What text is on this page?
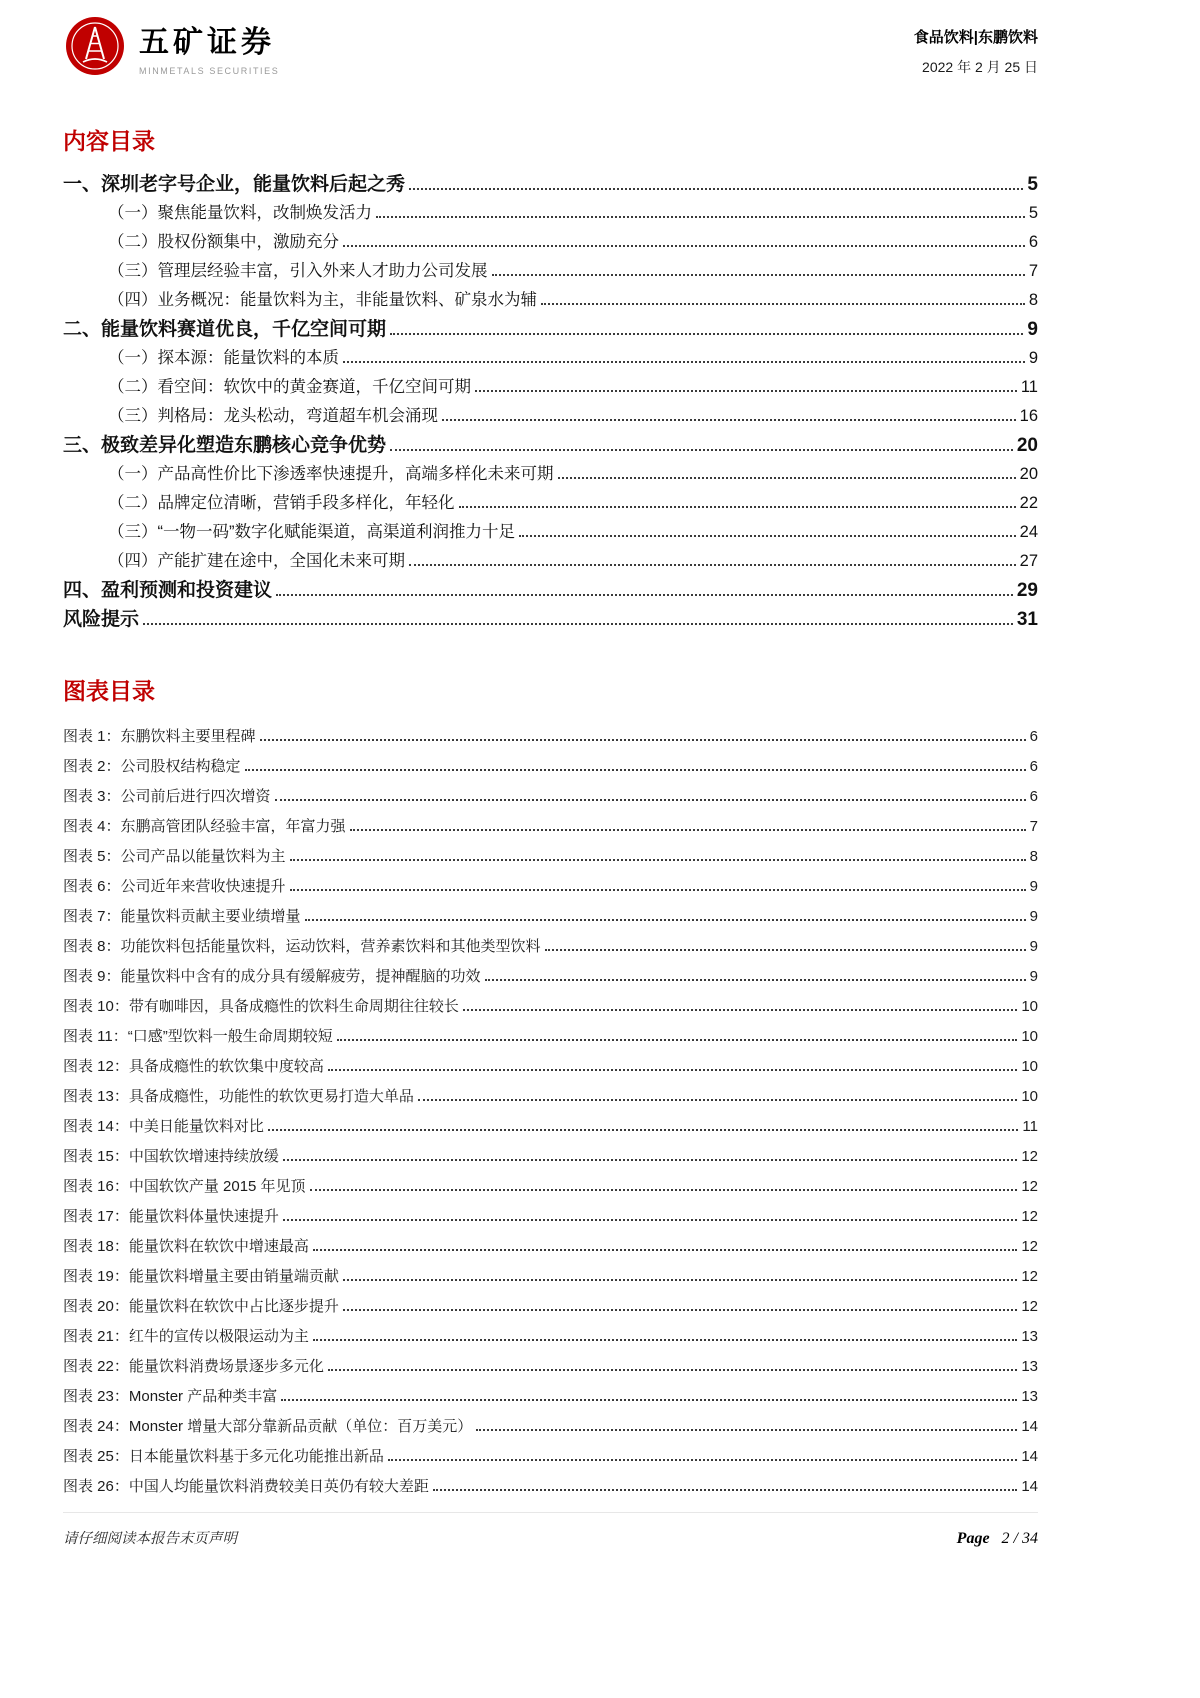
五矿证券
MINMETALS SECURITIES
食品饮料|东鹏饮料
2022 年 2 月 25 日
内容目录
一、深圳老字号企业，能量饮料后起之秀	5
（一）聚焦能量饮料，改制焕发活力	5
（二）股权份额集中，激励充分	6
（三）管理层经验丰富，引入外来人才助力公司发展	7
（四）业务概况：能量饮料为主，非能量饮料、矿泉水为辅	8
二、能量饮料赛道优良，千亿空间可期	9
（一）探本源：能量饮料的本质	9
（二）看空间：软饮中的黄金赛道，千亿空间可期	11
（三）判格局：龙头松动，弯道超车机会涌现	16
三、极致差异化塑造东鹏核心竞争优势	20
（一）产品高性价比下渗透率快速提升，高端多样化未来可期	20
（二）品牌定位清晰，营销手段多样化，年轻化	22
（三）“一物一码”数字化赋能渠道，高渠道利润推力十足	24
（四）产能扩建在途中，全国化未来可期	27
四、盈利预测和投资建议	29
风险提示	31
图表目录
图表 1：东鹏饮料主要里程碑	6
图表 2：公司股权结构稳定	6
图表 3：公司前后进行四次增资	6
图表 4：东鹏高管团队经验丰富，年富力强	7
图表 5：公司产品以能量饮料为主	8
图表 6：公司近年来营收快速提升	9
图表 7：能量饮料贡献主要业绩增量	9
图表 8：功能饮料包括能量饮料，运动饮料，营养素饮料和其他类型饮料	9
图表 9：能量饮料中含有的成分具有缓解疲劳，提神醒脑的功效	9
图表 10：带有咖啡因，具备成瘾性的饮料生命周期往往较长	10
图表 11：“口感”型饮料一般生命周期较短	10
图表 12：具备成瘾性的软饮集中度较高	10
图表 13：具备成瘾性，功能性的软饮更易打造大单品	10
图表 14：中美日能量饮料对比	11
图表 15：中国软饮增速持续放缓	12
图表 16：中国软饮产量 2015 年见顶	12
图表 17：能量饮料体量快速提升	12
图表 18：能量饮料在软饮中增速最高	12
图表 19：能量饮料增量主要由销量端贡献	12
图表 20：能量饮料在软饮中占比逐步提升	12
图表 21：红牛的宣传以极限运动为主	13
图表 22：能量饮料消费场景逐步多元化	13
图表 23：Monster 产品种类丰富	13
图表 24：Monster 增量大部分靠新品贡献（单位：百万美元）	14
图表 25：日本能量饮料基于多元化功能推出新品	14
图表 26：中国人均能量饮料消费较美日英仍有较大差距	14
请仔细阅读本报告末页声明	Page 2 / 34
